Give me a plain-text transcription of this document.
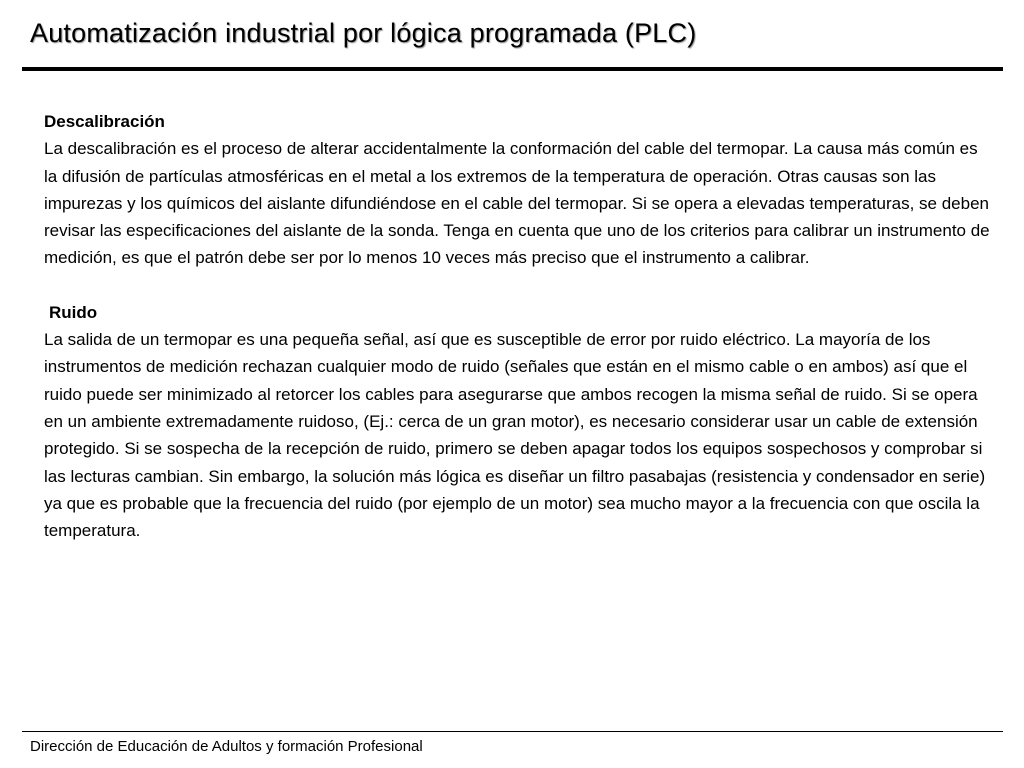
Automatización industrial por lógica programada (PLC)
Descalibración

La descalibración es el proceso de alterar accidentalmente la conformación del cable del termopar. La causa más común es la difusión de partículas atmosféricas en el metal a los extremos de la temperatura de operación. Otras causas son las impurezas y los químicos del aislante difundiéndose en el cable del termopar. Si se opera a elevadas temperaturas, se deben revisar las especificaciones del aislante de la sonda. Tenga en cuenta que uno de los criterios para calibrar un instrumento de medición, es que el patrón debe ser por lo menos 10 veces más preciso que el instrumento a calibrar.

Ruido

La salida de un termopar es una pequeña señal, así que es susceptible de error por ruido eléctrico. La mayoría de los instrumentos de medición rechazan cualquier modo de ruido (señales que están en el mismo cable o en ambos) así que el ruido puede ser minimizado al retorcer los cables para asegurarse que ambos recogen la misma señal de ruido. Si se opera en un ambiente extremadamente ruidoso, (Ej.: cerca de un gran motor), es necesario considerar usar un cable de extensión protegido. Si se sospecha de la recepción de ruido, primero se deben apagar todos los equipos sospechosos y comprobar si las lecturas cambian. Sin embargo, la solución más lógica es diseñar un filtro pasabajas (resistencia y condensador en serie) ya que es probable que la frecuencia del ruido (por ejemplo de un motor) sea mucho mayor a la frecuencia con que oscila la temperatura.

Dirección de Educación de Adultos y formación Profesional
